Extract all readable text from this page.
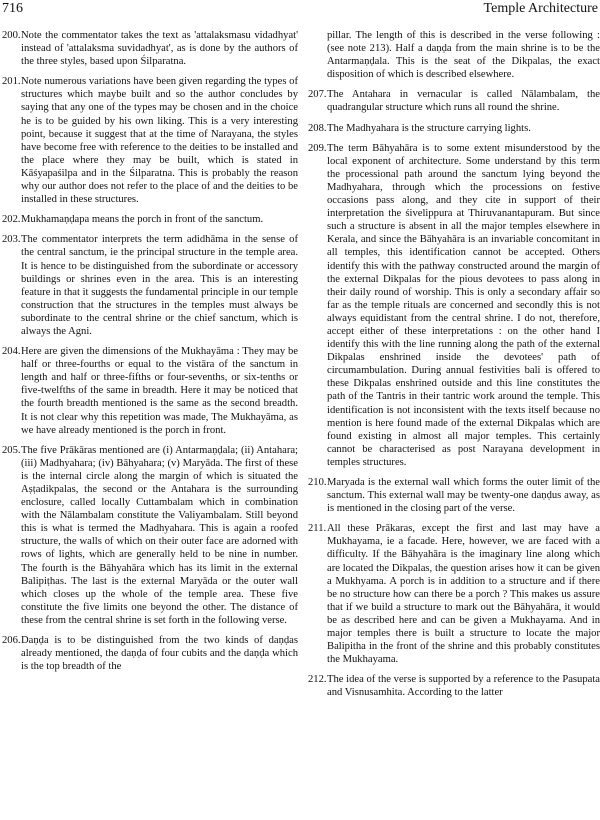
716	Temple Architecture

200.Note the commentator takes the text as 'attalaksmasu vidadhyat' instead of 'attalaksma suvidadhyat', as is done by the authors of the three styles, based upon Śilparatna.

201.Note numerous variations have been given regarding the types of structures which maybe built and so the author concludes by saying that any one of the types may be chosen and in the choice he is to be guided by his own liking. This is a very interesting point, because it suggest that at the time of Narayana, the styles have become free with reference to the deities to be installed and the place where they may be built, which is stated in Kāśyapaśilpa and in the Śilparatna. This is probably the reason why our author does not refer to the place of and the deities to be installed in these structures.

202.Mukhamaṇḍapa means the porch in front of the sanctum.

203.The commentator interprets the term adidhāma in the sense of the central sanctum, ie the principal structure in the temple area. It is hence to be distinguished from the subordinate or accessory buildings or shrines even in the area. This is an interesting feature in that it suggests the fundamental principle in our temple construction that the structures in the temples must always be subordinate to the central shrine or the chief sanctum, which is always the Agni.

204.Here are given the dimensions of the Mukhayāma : They may be half or three-fourths or equal to the vistāra of the sanctum in length and half or three-fifths or four-sevenths, or six-tenths or five-twelfths of the same in breadth. Here it may be noticed that the fourth breadth mentioned is the same as the second breadth. It is not clear why this repetition was made, The Mukhayāma, as we have already mentioned is the porch in front.

205.The five Prākāras mentioned are (i) Antarmaṇḍala; (ii) Antahara; (iii) Madhyahara; (iv) Bāhyahara; (v) Maryāda. The first of these is the internal circle along the margin of which is situated the Aṣṭadikpalas, the second or the Antahara is the surrounding enclosure, called locally Cuttambalam which in combination with the Nālambalam constitute the Valiyambalam. Still beyond this is what is termed the Madhyahara. This is again a roofed structure, the walls of which on their outer face are adorned with rows of lights, which are generally held to be nine in number. The fourth is the Bāhyahāra which has its limit in the external Balipiṭhas. The last is the external Maryāda or the outer wall which closes up the whole of the temple area. These five constitute the five limits one beyond the other. The distance of these from the central shrine is set forth in the following verse.

206.Daṇḍa is to be distinguished from the two kinds of daṇḍas already mentioned, the daṇḍa of four cubits and the daṇḍa which is the top breadth of the

pillar. The length of this is described in the verse following : (see note 213). Half a daṇḍa from the main shrine is to be the Antarmaṇḍala. This is the seat of the Dikpalas, the exact disposition of which is described elsewhere.

207.The Antahara in vernacular is called Nālambalam, the quadrangular structure which runs all round the shrine.

208.The Madhyahara is the structure carrying lights.

209.The term Bāhyahāra is to some extent misunderstood by the local exponent of architecture. Some understand by this term the processional path around the sanctum lying beyond the Madhyahara, through which the processions on festive occasions pass along, and they cite in support of their interpretation the śivelippura at Thiruvanantapuram. But since such a structure is absent in all the major temples elsewhere in Kerala, and since the Bāhyahāra is an invariable concomitant in all temples, this identification cannot be accepted. Others identify this with the pathway constructed around the margin of the external Dikpalas for the pious devotees to pass along in their daily round of worship. This is only a secondary affair so far as the temple rituals are concerned and secondly this is not always equidistant from the central shrine. I do not, therefore, accept either of these interpretations : on the other hand I identify this with the line running along the path of the external Dikpalas enshrined inside the devotees' path of circumambulation. During annual festivities bali is offered to these Dikpalas enshrined outside and this line constitutes the path of the Tantris in their tantric work around the temple. This identification is not inconsistent with the texts itself because no mention is here found made of the external Dikpalas which are found existing in almost all major temples. This certainly cannot be characterised as post Narayana development in temples structures.

210.Maryada is the external wall which forms the outer limit of the sanctum. This external wall may be twenty-one daṇḍus away, as is mentioned in the closing part of the verse.

211.All these Prākaras, except the first and last may have a Mukhayama, ie a facade. Here, however, we are faced with a difficulty. If the Bāhyahāra is the imaginary line along which are located the Dikpalas, the question arises how it can be given a Mukhyama. A porch is in addition to a structure and if there be no structure how can there be a porch ? This makes us assure that if we build a structure to mark out the Bāhyahāra, it would be as described here and can be given a Mukhayama. And in major temples there is built a structure to locate the major Balipitha in the front of the shrine and this probably constitutes the Mukhayama.

212.The idea of the verse is supported by a reference to the Pasupata and Visnusamhita. According to the latter
